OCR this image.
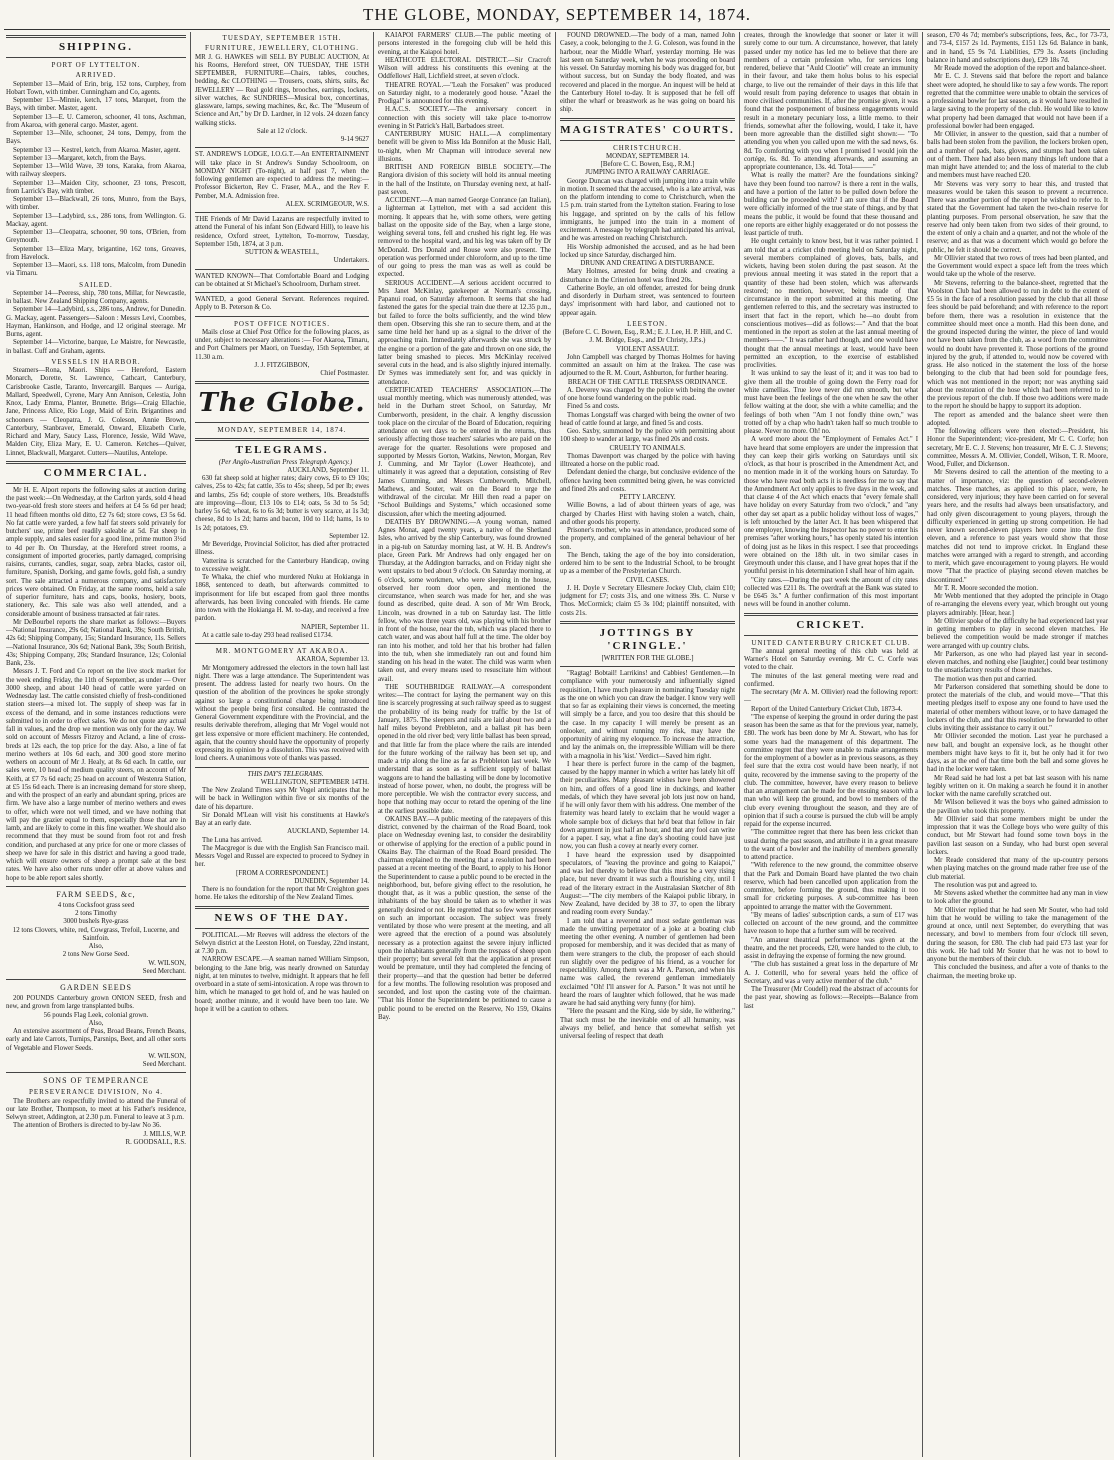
THE GLOBE, MONDAY, SEPTEMBER 14, 1874.
SHIPPING.
PORT OF LYTTELTON.
ARRIVED.

September 13—Maid of Erin, brig, 152 tons, Curphey, from Hobart Town, with timber. Cunningham and Co, agents.

September 13—Minnie, ketch, 17 tons, Marquet, from the Bays, with timber. Master, agent.

September 13—E. U. Cameron, schooner, 41 tons, Aschman, from Akaroa, with general cargo. Master, agent.

September 13—Nile, schooner, 24 tons, Dempy, from the Bays.

September 13 — Kestrel, ketch, from Akaroa. Master, agent.

September 13—Margaret, ketch, from the Bays.

September 13—Wild Wave, 39 tons, Karaka, from Akaroa, with railway sleepers.

September 13—Maiden City, schooner, 23 tons, Prescott, from Larrick's Bay, with timber.

September 13—Blackwall, 26 tons, Munro, from the Bays, with timber.

September 13—Ladybird, s.s., 286 tons, from Wellington. G. Mackay, agent.

September 13—Cleopatra, schooner, 90 tons, O'Brien, from Greymouth.

September 13—Eliza Mary, brigantine, 162 tons, Greaves, from Havelock.

September 13—Maori, s.s. 118 tons, Malcolm, from Dunedin via Timaru.

SAILED.

September 14—Peeress, ship, 780 tons, Millar, for Newcastle, in ballast. New Zealand Shipping Company, agents.

September 14—Ladybird, s.s., 286 tons, Andrew, for Dunedin. G. Mackay, agent. Passengers—Saloon : Messrs Levi, Coombes, Hayman, Hankinson, and Hodge, and 12 original steerage. Mr Burns, agent.

September 14—Victorine, barque, Le Maistre, for Newcastle, in ballast. Cuff and Graham, agents.

VESSELS IN HARBOR.

Steamers—Rona, Maori. Ships — Hereford, Eastern Monarch, Dorette, St. Lawrence, Cathcart, Canterbury, Carisbrooke Castle, Taranto, Invercargill. Barques — Auriga, Mallard, Speedwell, Cyrene, Mary Ann Annison, Celestia, John Knox, Lady Emma, Planter, Brunette. Brigs—Craig Ellachie, Jane, Princess Alice, Rio Loge, Maid of Erin. Brigantines and schooners — Cleopatra, J. G. Coleson, Annie Brown, Canterbury, Stanbraver, Emerald, Onward, Elizabeth Curle, Richard and Mary, Saucy Lass, Florence, Jessie, Wild Wave, Malden City, Eliza Mary, E. U. Cameron. Ketches—Quiver, Linnet, Blackwall, Margaret. Cutters—Nautilus, Antelope.

COMMERCIAL.

Mr H. E. Alport reports the following sales at auction during the past week:—On Wednesday, at the Carlton yards, sold 4 head two-year-old fresh store steers and heifers at £4 5s 6d per head; 11 head fifteen months old ditto, £2 7s 6d; store cows, £3 5s 6d. No fat cattle were yarded, a few half fat steers sold privately for butchers' use, prime beef readily saleable at 5d. Fat sheep in ample supply, and sales easier for a good line, prime mutton 3½d to 4d per lb. On Thursday, at the Hereford street rooms, a consignment of imported groceries, partly damaged, comprising raisins, currants, candles, sugar, soap, zebra blacks, castor oil, furniture, Spanish, Dorking, and game fowls, gold fish, a sundry sort. The sale attracted a numerous company, and satisfactory prices were obtained. On Friday, at the same rooms, held a sale of superior furniture, hats and caps, books, hosiery, boots, stationery, &c. This sale was also well attended, and a considerable amount of business transacted at fair rates.

Mr DeBourbel reports the share market as follows:—Buyers—National Insurance, 29s 6d; National Bank, 39s; South British, 42s 6d; Shipping Company, 15s; Standard Insurance, 11s. Sellers—National Insurance, 30s 6d; National Bank, 39s; South British, 43s; Shipping Company, 20s; Standard Insurance, 12s; Colonial Bank, 23s.

Messrs J. T. Ford and Co report on the live stock market for the week ending Friday, the 11th of September, as under — Over 3000 sheep, and about 140 head of cattle were yarded on Wednesday last. The cattle consisted chiefly of fresh-conditioned station steers—a mixed lot. The supply of sheep was far in excess of the demand, and in some instances reductions were submitted to in order to effect sales. We do not quote any actual fall in values, and the drop we mention was only for the day. We sold on account of Messrs Fitzroy and Acland, a line of cross-breds at 12s each, the top price for the day. Also, a line of fat merino wethers at 10s 6d each, and 300 good store merino wethers on account of Mr J. Healy, at 8s 6d each. In cattle, our sales were, 10 head of medium quality steers, on account of Mr Keith, at £7 7s 6d each; 25 head on account of Westenra Station, at £5 15s 6d each. There is an increasing demand for store sheep, and with the prospect of an early and abundant spring, prices are firm. We have also a large number of merino wethers and ewes to offer, which were not well timed, and we have nothing that will pay the grazier equal to them, especially those that are in lamb, and are likely to come in this fine weather. We should also recommend that they must be sound from foot rot and fresh condition, and purchased at any price for one or more classes of sheep we have for sale in this district and having a good trade, which will ensure owners of sheep a prompt sale at the best rates. We have also other runs under offer at above values and hope to be able report sales shortly.

FARM SEEDS, &c,

4 tons Cocksfoot grass seed

2 tons Timothy

3000 bushels Rye-grass

12 tons Clovers, white, red, Cowgrass, Trefoil, Lucerne, and Saintfoin.

Also,

2 tons New Gorse Seed.

W. WILSON,

Seed Merchant.

GARDEN SEEDS

200 POUNDS Canterbury grown ONION SEED, fresh and new, and grown from large transplanted bulbs.

56 pounds Flag Leek, colonial grown.

Also,

An extensive assortment of Peas, Broad Beans, French Beans, early and late Carrots, Turnips, Parsnips, Beet, and all other sorts of Vegetable and Flower Seeds.

W. WILSON,

Seed Merchant.

SONS OF TEMPERANCE
PERSEVERANCE DIVISION, No 4.

The Brothers are respectfully invited to attend the Funeral of our late Brother, Thompson, to meet at his Father's residence, Selwyn street, Addington, at 2.30 p.m. Funeral to leave at 3 p.m.

The attention of Brothers is directed to by-law No 36.

J. MILLS, W.P.

R. GOODSALL, R.S.

TUESDAY, SEPTEMBER 15TH.
FURNITURE, JEWELLERY, CLOTHING.

MR J. G. HAWKES will SELL BY PUBLIC AUCTION, At his Rooms, Hereford street, ON TUESDAY, THE 15TH SEPTEMBER, FURNITURE—Chairs, tables, couches, bedding, &c CLOTHING — Trousers, coats, shirts, suits, &c JEWELLERY — Real gold rings, brooches, earrings, lockets, silver watches, &c SUNDRIES—Musical box, concertinas, glassware, lamps, sewing machines, &c, &c. The "Museum of Science and Art," by Dr D. Lardner, in 12 vols. 24 dozen fancy walking sticks.

Sale at 12 o'clock.

9-14 9627

ST. ANDREW'S LODGE, I.O.G.T.—An ENTERTAINMENT will take place in St Andrew's Sunday Schoolroom, on MONDAY NIGHT (To-night), at half past 7, when the following gentlemen are expected to address the meeting:— Professor Bickerton, Rev C. Fraser, M.A., and the Rev F. Pember, M.A. Admission free.

ALEX. SCRIMGEOUR, W.S.

THE Friends of Mr David Lazarus are respectfully invited to attend the Funeral of his infant Son (Edward Hill), to leave his residence, Oxford street, Lyttelton, To-morrow, Tuesday, September 15th, 1874, at 3 p.m.

SUTTON & WEASTELL,

Undertakers.

WANTED KNOWN—That Comfortable Board and Lodging can be obtained at St Michael's Schoolroom, Durham street.

WANTED, a good General Servant. References required. Apply to B. Peterson & Co.

POST OFFICE NOTICES.

Mails close at Chief Post Office for the following places, as under, subject to necessary alterations :— For Akaroa, Timaru, and Port Chalmers per Maori, on Tuesday, 15th September, at 11.30 a.m.

J. J. FITZGIBBON,

Chief Postmaster.

The Globe.
MONDAY, SEPTEMBER 14, 1874.
TELEGRAMS.

(Per Anglo-Australian Press Telegraph Agency.)

AUCKLAND, September 11.

630 fat sheep sold at higher rates; dairy cows, £6 to £9 10s; calves, 25s to 42s; fat cattle, 35s to 45s; sheep, 5d per lb; ewes and lambs, 25s 6d; couple of store wethers, 10s. Breadstuffs are improving—flour, £13 10s to £14; oats, 5s 3d to 5s 5d; barley 5s 6d; wheat, 6s to 6s 3d; butter is very scarce, at 1s 3d; cheese, 8d to 1s 2d; hams and bacon, 10d to 11d; hams, 1s to 1s 2d; potatoes, £9.

September 12.

Mr Beveridge, Provincial Solicitor, has died after protracted illness.

Vatterina is scratched for the Canterbury Handicap, owing to excessive weight.

Te Whaka, the chief who murdered Nuku at Hokianga in 1868, sentenced to death, but afterwards committed to imprisonment for life but escaped from gaol three months afterwards, has been living concealed with friends. He came into town with the Hokianga H. M. to-day, and received a free pardon.

NAPIER, September 11.

At a cattle sale to-day 293 head realised £1734.

MR. MONTGOMERY AT AKAROA.

AKAROA, September 13.

Mr Montgomery addressed the electors in the town hall last night. There was a large attendance. The Superintendent was present. The address lasted for nearly two hours. On the question of the abolition of the provinces he spoke strongly against so large a constitutional change being introduced without the people being first consulted. He contrasted the General Government expenditure with the Provincial, and the results derivable therefrom, alleging that Mr Vogel would not get less expensive or more efficient machinery. He contended, again, that the country should have the opportunity of properly expressing its opinion by a dissolution. This was received with loud cheers. A unanimous vote of thanks was passed.

THIS DAY'S TELEGRAMS.

WELLINGTON, SEPTEMBER 14TH.

The New Zealand Times says Mr Vogel anticipates that he will be back in Wellington within five or six months of the date of his departure.

Sir Donald M'Lean will visit his constituents at Hawke's Bay at an early date.

AUCKLAND, September 14.

The Luna has arrived.

The Macgregor is due with the English San Francisco mail. Messrs Vogel and Russel are expected to proceed to Sydney in her.

[FROM A CORRESPONDENT.]

DUNEDIN, September 14.

There is no foundation for the report that Mr Creighton goes home. He takes the editorship of the New Zealand Times.

NEWS OF THE DAY.

POLITICAL.—Mr Reeves will address the electors of the Selwyn district at the Leeston Hotel, on Tuesday, 22nd instant, at 7.30 p.m.

NARROW ESCAPE.—A seaman named William Simpson, belonging to the Jane brig, was nearly drowned on Saturday night, at ten minutes to twelve, midnight. It appears that he fell overboard in a state of semi-intoxication. A rope was thrown to him, which he managed to get hold of, and he was hauled on board; another minute, and it would have been too late. We hope it will be a caution to others.

KAIAPOI FARMERS' CLUB.—The public meeting of persons interested in the foregoing club will be held this evening, at the Kaiapoi hotel.

HEATHCOTE ELECTORAL DISTRICT.—Sir Cracroft Wilson will address his constituents this evening at the Oddfellows' Hall, Lichfield street, at seven o'clock.

THEATRE ROYAL.—"Leah the Forsaken" was produced on Saturday night, to a moderately good house. "Azael the Prodigal" is announced for this evening.

H.A.C.S. SOCIETY.—The anniversary concert in connection with this society will take place to-morrow evening in St Patrick's Hall, Barbadoes street.

CANTERBURY MUSIC HALL.—A complimentary benefit will be given to Miss Ida Bonnifon at the Music Hall, to-night, when Mr Chapman will introduce several new illusions.

BRITISH AND FOREIGN BIBLE SOCIETY.—The Rangiora division of this society will hold its annual meeting in the hall of the Institute, on Thursday evening next, at half-past seven.

ACCIDENT.—A man named George Conrance (an Italian), a lighterman at Lyttelton, met with a sad accident this morning. It appears that he, with some others, were getting ballast on the opposite side of the Bay, when a large stone, weighing several tons, fell and crushed his right leg. He was removed to the hospital ward, and his leg was taken off by Dr McDonald. Drs Donald and Rouse were also present. The operation was performed under chloroform, and up to the time of our going to press the man was as well as could be expected.

SERIOUS ACCIDENT.—A serious accident occurred to Mrs Janet McKinlay, gatekeeper at Norman's crossing, Papanui road, on Saturday afternoon. It seems that she had fastened the gates for the special train due there at 12.35 p.m., but failed to force the bolts sufficiently, and the wind blew them open. Observing this she ran to secure them, and at the same time held her hand up as a signal to the driver of the approaching train. Immediately afterwards she was struck by the engine or a portion of the gate and thrown on one side, the latter being smashed to pieces. Mrs McKinlay received several cuts in the head, and is also slightly injured internally. Dr Symes was immediately sent for, and was quickly in attendance.

CERTIFICATED TEACHERS' ASSOCIATION.—The usual monthly meeting, which was numerously attended, was held in the Durham street School, on Saturday, Mr Cumberworth, president, in the chair. A lengthy discussion took place on the circular of the Board of Education, requiring attendance on wet days to be entered in the returns, thus seriously affecting those teachers' salaries who are paid on the average for the quarter. Resolutions were proposed and supported by Messrs Gorton, Watkins, Newton, Morgan, Rev J. Cumming, and Mr Taylor (Lower Heathcote), and ultimately it was agreed that a deputation, consisting of Rev James Cumming, and Messrs Cumberworth, Mitchell, Mathews, and Souter, wait on the Board to urge the withdrawal of the circular. Mr Hill then read a paper on "School Buildings and Systems," which occasioned some discussion, after which the meeting adjourned.

DEATHS BY DROWNING.—A young woman, named Agnes Monat, aged twenty years, a native of the Shetland Isles, who arrived by the ship Canterbury, was found drowned in a pig-tub on Saturday morning last, at W. H. B. Andrew's place, Green Park. Mr Andrews had only engaged her on Thursday, at the Addington barracks, and on Friday night she went upstairs to bed about 9 o'clock. On Saturday morning, at 6 o'clock, some workmen, who were sleeping in the house, observed her room door open, and mentioned the circumstance, when search was made for her, and she was found as described, quite dead. A son of Mr Wm Brock, Lincoln, was drowned in a tub on Saturday last. The little fellow, who was three years old, was playing with his brother in front of the house, near the tub, which was placed there to catch water, and was about half full at the time. The older boy ran into his mother, and told her that his brother had fallen into the tub, when she immediately ran out and found him standing on his head in the water. The child was warm when taken out, and every means used to resuscitate him without avail.

THE SOUTHBRIDGE RAILWAY.—A correspondent writes:—The contract for laying the permanent way on this line is scarcely progressing at such railway speed as to suggest the probability of its being ready for traffic by the 1st of January, 1875. The sleepers and rails are laid about two and a half miles beyond Prebbleton, and a ballast pit has been opened in the old river bed; very little ballast has been spread, and that little far from the place where the rails are intended for the future working of the railway has been set up, and made a trip along the line as far as Prebbleton last week. We understand that as soon as a sufficient supply of ballast waggons are to hand the ballasting will be done by locomotive instead of horse power, when, no doubt, the progress will be more perceptible. We wish the contractor every success, and hope that nothing may occur to retard the opening of the line at the earliest possible date.

OKAINS BAY.—A public meeting of the ratepayers of this district, convened by the chairman of the Road Board, took place on Wednesday evening last, to consider the desirability or otherwise of applying for the erection of a public pound in Okains Bay. The chairman of the Road Board presided. The chairman explained to the meeting that a resolution had been passed at a recent meeting of the Board, to apply to his Honor the Superintendent to cause a public pound to be erected in the neighborhood, but, before giving effect to the resolution, he thought that, as it was a public question, the sense of the inhabitants of the bay should be taken as to whether it was generally desired or not. He regretted that so few were present on such an important occasion. The subject was freely ventilated by those who were present at the meeting, and all were agreed that the erection of a pound was absolutely necessary as a protection against the severe injury inflicted upon the inhabitants generally from the trespass of sheep upon their property; but several felt that the application at present would be premature, until they had completed the fencing of their property—and that the question had better be deferred for a few months. The following resolution was proposed and seconded, and lost upon the casting vote of the chairman. "That his Honor the Superintendent be petitioned to cause a public pound to be erected on the Reserve, No 159, Okains Bay.

FOUND DROWNED.—The body of a man, named John Casey, a cook, belonging to the J. G. Coleson, was found in the harbour, near the Middle Wharf, yesterday morning. He was last seen on Saturday week, when he was proceeding on board his vessel. On Saturday morning his body was dragged for, but without success, but on Sunday the body floated, and was recovered and placed in the morgue. An inquest will be held at the Canterbury Hotel to-day. It is supposed that he fell off either the wharf or breastwork as he was going on board his ship.

MAGISTRATES' COURTS.
CHRISTCHURCH.

MONDAY, SEPTEMBER 14.

[Before C. C. Bowen, Esq., R.M.]

JUMPING INTO A RAILWAY CARRIAGE.

George Duncan was charged with jumping into a train while in motion. It seemed that the accused, who is a late arrival, was on the platform intending to come to Christchurch, when the 1.5 p.m. train started from the Lyttelton station. Fearing to lose his luggage, and sprinted on by the calls of his fellow immigrants, he jumped into the train in a moment of excitement. A message by telegraph had anticipated his arrival, and he was arrested on reaching Christchurch.

His Worship admonished the accused, and as he had been locked up since Saturday, discharged him.

DRUNK AND CREATING A DISTURBANCE.

Mary Holmes, arrested for being drunk and creating a disturbance in the Criterion hotel was fined 20s.

Catherine Boyle, an old offender, arrested for being drunk and disorderly in Durham street, was sentenced to fourteen days' imprisonment with hard labor, and cautioned not to appear again.

LEESTON.

(Before C. C. Bowen, Esq., R.M.; E. J. Lee, H. P. Hill, and C. J. M. Bridge, Esqs., and Dr Christy, J.P.s.)

VIOLENT ASSAULT.

John Campbell was charged by Thomas Holmes for having committed an assault on him at the Irakea. The case was adjourned to the R. M. Court, Ashburton, for further hearing.

BREACH OF THE CATTLE TRESPASS ORDINANCE.

A. Deverey was charged by the police with being the owner of one horse found wandering on the public road.

Fined 5s and costs.

Thomas Longstaff was charged with being the owner of two head of cattle found at large, and fined 5s and costs.

Geo. Saxby, summoned by the police with permitting about 100 sheep to wander at large, was fined 20s and costs.

CRUELTY TO ANIMALS.

Thomas Davenport was charged by the police with having illtreated a horse on the public road.

Defendant denied the charge, but conclusive evidence of the offence having been committed being given, he was convicted and fined 20s and costs.

PETTY LARCENY.

Willie Bowns, a lad of about thirteen years of age, was charged by Charles Hirst with having stolen a watch, chain, and other goods his property.

Prisoner's mother, who was in attendance, produced some of the property, and complained of the general behaviour of her son.

The Bench, taking the age of the boy into consideration, ordered him to be sent to the Industrial School, to be brought up as a member of the Presbyterian Church.

CIVIL CASES.

J. H. Doyle v Secretary Ellesmere Jockey Club, claim £10; judgment for £7; costs 31s, and one witness 39s. C. Nurse v Thos. McCormick; claim £5 3s 10d; plaintiff nonsuited, with costs 21s.

JOTTINGS BY 'CRINGLE.'

[WRITTEN FOR THE GLOBE.]

"Ragtag! Bobtail! Larrikins! and Cabbies! Gentlemen.—In compliance with your numerously and influentially signed requisition, I have much pleasure in nominating Tuesday night as the one on which you can draw the badger. I know very well that so far as explaining their views is concerned, the meeting will simply be a farce, and you too desire that this should be the case. In my capacity I will merely be present as an onlooker, and without running my risk, may have the opportunity of airing my eloquence. To increase the attraction, and lay the animals on, the irrepressible William will be there with a magnolia in his 'kist.' Verdict—Saved him right.

I hear there is perfect furore in the camp of the bagmen, caused by the happy manner in which a writer has lately hit off their peculiarities. Many pleasant wishes have been showered on him, and offers of a good line in duckings, and leather medals, of which they have several job lots just now on hand, if he will only favor them with his address. One member of the fraternity was heard lately to exclaim that he would wager a whole sample box of dickeys that he'd beat that fellow in fair down argument in just half an hour, and that any fool can write for a paper. I say, what a fine day's shooting could have just now, you can flush a covey at nearly every corner.

I have heard the expression used by disappointed speculators, of "leaving the province and going to Kaiapoi," and was led thereby to believe that this must be a very rising place, but never dreamt it was such a flourishing city, until I read of the literary extract in the Australasian Sketcher of 8th August:—"The city members of the Kaiapoi public library, in New Zealand, have decided by 38 to 37, to open the library and reading room every Sunday."

I am told that a reverend and most sedate gentleman was made the unwitting perpetrator of a joke at a boating club meeting the other evening. A number of gentlemen had been proposed for membership, and it was decided that as many of them were strangers to the club, the proposer of each should run slightly over the pedigree of his friend, as a voucher for respectability. Among them was a Mr A. Parson, and when his name was called, the reverend gentleman immediately exclaimed "Oh! I'll answer for A. Parson." It was not until he heard the roars of laughter which followed, that he was made aware he had said anything very funny (for him).

"Here the peasant and the King, side by side, lie withering." That such must be the inevitable end of all humanity, was always my belief, and hence that somewhat selfish yet universal feeling of respect that death

creates, through the knowledge that sooner or later it will surely come to our turn. A circumstance, however, that lately passed under my notice has led me to believe that there are members of a certain profession who, for services long rendered, believe that "Auld Clootie" will create an immunity in their favour, and take them holus bolus to his especial charge, to live out the remainder of their days in this life that would result from paying deference to usages that obtain in more civilised communities. If, after the promise given, it was found that the postponement of business engagements would result in a monetary pecuniary loss, a little memo. to their friends, somewhat after the following, would, I take it, have been more agreeable than the distilled sight shown:— "To attending you when you called upon me with the sad news, 6s. 8d. To comforting with you when I promised I would join the cortége, 6s. 8d. To attending afterwards, and assuming an appropriate countenance, 13s. 4d. Total———"

What is really the matter? Are the foundations sinking? have they been found too narrow? is there a rent in the walls, and have a portion of the latter to be pulled down before the building can be proceeded with? I am sure that if the Board were officially informed of the true state of things, and by that means the public, it would be found that these thousand and one reports are either highly exaggerated or do not possess the least particle of truth.

He ought certainly to know best, but it was rather pointed. I am told that at a cricket club meeting held on Saturday night, several members complained of gloves, bats, balls, and wickets, having been stolen during the past season. At the previous annual meeting it was stated in the report that a quantity of these had been stolen, which was afterwards restored; no mention, however, being made of that circumstance in the report submitted at this meeting. One gentlemen referred to this, and the secretary was instructed to insert that fact in the report, which he—no doubt from conscientious motives—did as follows:—" And that the boat mentioned in the report as stolen at the last annual meeting of members——." It was rather hard though, and one would have thought that the annual meetings at least, would have been permitted an exception, to the exercise of established proclivities.

It was unkind to say the least of it; and it was too bad to give them all the trouble of going down the Ferry road for white camellias. True love never did run smooth, but what must have been the feelings of the one when he saw the other fellow waiting at the door, she with a white camellia; and the feelings of both when "Am I not fondly thine own," was trotted off by a chap who hadn't taken half so much trouble to please. Never no more. Oh! no.

A word more about the "Employment of Females Act." I have heard that some employers are under the impression that they can keep their girls working on Saturdays until six o'clock, as that hour is proscribed in the Amendment Act, and no mention made in it of the working hours on Saturday. To those who have read both acts it is needless for me to say that the Amendment Act only applies to five days in the week, and that clause 4 of the Act which enacts that "every female shall have holiday on every Saturday from two o'clock," and "any other day set apart as a public holiday without loss of wages," is left untouched by the latter Act. It has been whispered that one employer, knowing the Inspector has no power to enter his premises "after working hours," has openly stated his intention of doing just as he likes in this respect. I see that proceedings were obtained on the 18th ult. in two similar cases in Greymouth under this clause, and I have great hopes that if the youthful persist in his determination I shall hear of him again.

"City rates.—During the past week the amount of city rates collected was £211 8s. The overdraft at the Bank was stated to be £645 3s." A further confirmation of this most important news will be found in another column.

CRICKET.
UNITED CANTERBURY CRICKET CLUB.

The annual general meeting of this club was held at Warner's Hotel on Saturday evening. Mr C. C. Corfe was voted to the chair.

The minutes of the last general meeting were read and confirmed.

The secretary (Mr A. M. Ollivier) read the following report:—

Report of the United Canterbury Cricket Club, 1873-4.

"The expense of keeping the ground in order during the past season has been the same as that for the previous year, namely, £80. The work has been done by Mr A. Stewart, who has for some years had the management of this department. The committee regret that they were unable to make arrangements for the employment of a bowler as in previous seasons, as they feel sure that the extra cost would have been nearly, if not quite, recovered by the immense saving to the property of the club. The committee, however, have every reason to believe that an arrangement can be made for the ensuing season with a man who will keep the ground, and bowl to members of the club every evening throughout the season, and they are of opinion that if such a course is pursued the club will be amply repaid for the expense incurred.

"The committee regret that there has been less cricket than usual during the past season, and attribute it in a great measure to the want of a bowler and the inability of members generally to attend practice.

"With reference to the new ground, the committee observe that the Park and Domain Board have planted the two chain reserve, which had been cancelled upon application from the committee, before forming the ground, thus making it too small for cricketing purposes. A sub-committee has been appointed to arrange the matter with the Government.

"By means of ladies' subscription cards, a sum of £17 was collected on account of the new ground, and the committee have reason to hope that a further sum will be received.

"An amateur theatrical performance was given at the theatre, and the net proceeds, £20, were handed to the club, to assist in defraying the expense of forming the new ground.

"The club has sustained a great loss in the departure of Mr A. J. Cotterill, who for several years held the office of Secretary, and was a very active member of the club."

The Treasurer (Mr Coudell) read the abstract of accounts for the past year, showing as follows:—Receipts—Balance from last

season, £70 4s 7d; member's subscriptions, fees, &c., for 73-73, and 73-4, £157 2s 1d. Payments, £151 12s 6d. Balance in bank, and in hand, £5 9s 7d. Liabilities, £79 3s. Assets (including balance in hand and subscriptions due), £29 18s 7d.

Mr Reade moved the adoption of the report and balance-sheet.

Mr E. C. J. Stevens said that before the report and balance sheet were adopted, he should like to say a few words. The report regretted that the committee were unable to obtain the services of a professional bowler for last season, as it would have resulted in a large saving to the property of the club. He would like to know what property had been damaged that would not have been if a professional bowler had been engaged.

Mr Ollivier, in answer to the question, said that a number of balls had been stolen from the pavilion, the lockers broken open, and a number of pads, bats, gloves, and stumps had been taken out of them. There had also been many things left undone that a man might have attended to; and the loss of material to the club and members must have reached £20.

Mr Stevens was very sorry to hear this, and trusted that measures would be taken this season to prevent a recurrence. There was another portion of the report he wished to refer to. It stated that the Government had taken the two-chain reserve for planting purposes. From personal observation, he saw that the reserve had only been taken from two sides of their ground, to the extent of only a chain and a quarter, and not the whole of the reserve; and as that was a document which would go before the public, he felt it should be correct.

Mr Ollivier stated that two rows of trees had been planted, and the Government would expect a space left from the trees which would take up the whole of the reserve.

Mr Stevens, referring to the balance-sheet, regretted that the Woolston Club had been allowed to run in debt to the extent of £5 5s in the face of a resolution passed by the club that all those fees should be paid beforehand; and with reference to the report before them, there was a resolution in existence that the committee should meet once a month. Had this been done, and the ground inspected during the winter, the piece of land would not have been taken from the club, as a word from the committee would no doubt have prevented it. Those portions of the ground injured by the grub, if attended to, would now be covered with grass. He also noticed in the statement the loss of the horse belonging to the club that had been sold for poundage fees, which was not mentioned in the report; nor was anything said about the restoration of the hose which had been referred to in the previous report of the club. If those two additions were made to the report he should be happy to support its adoption.

The report as amended and the balance sheet were then adopted.

The following officers were then elected:—President, his Honor the Superintendent; vice-president, Mr C. C. Corfe; hon secretary, Mr E. C. J. Stevens; hon treasurer, Mr E. C. J. Stevens; committee, Messrs A. M. Ollivier, Condell, Wilson, T. R. Moore, Wood, Fuller, and Dickenson.

Mr Stevens desired to call the attention of the meeting to a matter of importance, viz: the question of second-eleven matches. These matches, as applied to this place, were, he considered, very injurious; they have been carried on for several years here, and the results had always been unsatisfactory, and had only given discouragement to young players, through the difficulty experienced in getting up strong competition. He had never known second-eleven players here come into the first eleven, and a reference to past years would show that those matches did not tend to improve cricket. In England these matches were arranged with a regard to strength, and according to merit, which gave encouragement to young players. He would move "That the practice of playing second eleven matches be discontinued."

Mr T. R. Moore seconded the motion.

Mr Webb mentioned that they adopted the principle in Otago of re-arranging the elevens every year, which brought out young players admirably. [Hear, hear.]

Mr Ollivier spoke of the difficulty he had experienced last year in getting members to play in second eleven matches. He believed the competition would be made stronger if matches were arranged with up country clubs.

Mr Parkerson, as one who had played last year in second-eleven matches, and nothing else [laughter,] could bear testimony to the unsatisfactory results of those matches.

The motion was then put and carried.

Mr Parkerson considered that something should be done to protect the materials of the club, and would move—"That this meeting pledges itself to expose any one found to have used the material of other members without leave, or to have damaged the lockers of the club, and that this resolution be forwarded to other clubs inviting their assistance to carry it out."

Mr Ollivier seconded the motion. Last year he purchased a new ball, and bought an expensive lock, as he thought other members might have keys to fit it, but he only had it for two days, as at the end of that time both the ball and some gloves he had in the locker were taken.

Mr Read said he had lost a pet bat last season with his name legibly written on it. On making a search he found it in another locker with the name carefully scratched out.

Mr Wilson believed it was the boys who gained admission to the pavilion who took this property.

Mr Ollivier said that some members might be under the impression that it was the College boys who were guilty of this conduct, but Mr Stewart had found some town boys in the pavilion last season on a Sunday, who had burst open several lockers.

Mr Reade considered that many of the up-country persons when playing matches on the ground made rather free use of the club material.

The resolution was put and agreed to.

Mr Stevens asked whether the committee had any man in view to look after the ground.

Mr Ollivier replied that he had seen Mr Souter, who had told him that he would be willing to take the management of the ground at once, until next September, do everything that was necessary, and bowl to members from four o'clock till seven, during the season, for £80. The club had paid £73 last year for this work. He had told Mr Souter that he was not to bowl to anyone but the members of their club.

This concluded the business, and after a vote of thanks to the chairman, the meeting broke up.
